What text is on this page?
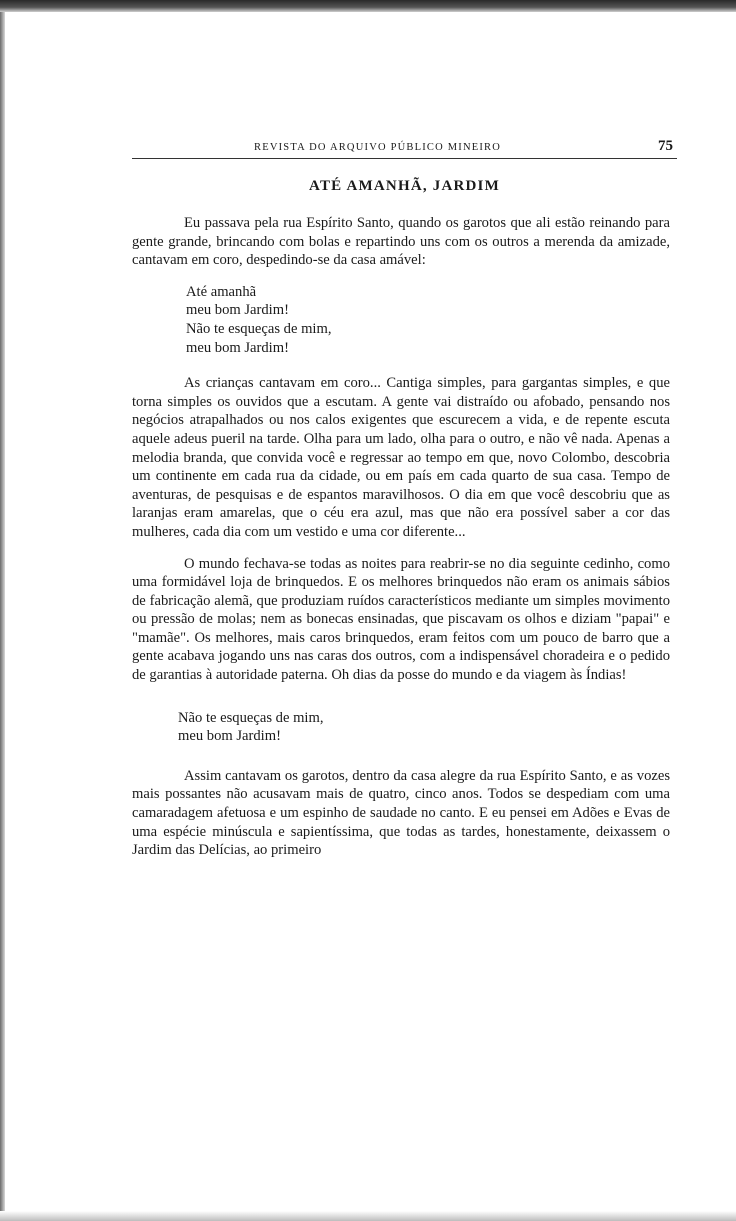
REVISTA DO ARQUIVO PÚBLICO MINEIRO	75
ATÉ AMANHÃ, JARDIM

Eu passava pela rua Espírito Santo, quando os garotos que ali estão reinando para gente grande, brincando com bolas e repartindo uns com os outros a merenda da amizade, cantavam em coro, despedindo-se da casa amável:

Até amanhã
meu bom Jardim!
Não te esqueças de mim,
meu bom Jardim!

As crianças cantavam em coro... Cantiga simples, para gargantas simples, e que torna simples os ouvidos que a escutam. A gente vai distraído ou afobado, pensando nos negócios atrapalhados ou nos calos exigentes que escurecem a vida, e de repente escuta aquele adeus pueril na tarde. Olha para um lado, olha para o outro, e não vê nada. Apenas a melodia branda, que convida você e regressar ao tempo em que, novo Colombo, descobria um continente em cada rua da cidade, ou em país em cada quarto de sua casa. Tempo de aventuras, de pesquisas e de espantos maravilhosos. O dia em que você descobriu que as laranjas eram amarelas, que o céu era azul, mas que não era possível saber a cor das mulheres, cada dia com um vestido e uma cor diferente...

O mundo fechava-se todas as noites para reabrir-se no dia seguinte cedinho, como uma formidável loja de brinquedos. E os melhores brinquedos não eram os animais sábios de fabricação alemã, que produziam ruídos característicos mediante um simples movimento ou pressão de molas; nem as bonecas ensinadas, que piscavam os olhos e diziam "papai" e "mamãe". Os melhores, mais caros brinquedos, eram feitos com um pouco de barro que a gente acabava jogando uns nas caras dos outros, com a indispensável choradeira e o pedido de garantias à autoridade paterna. Oh dias da posse do mundo e da viagem às Índias!

Não te esqueças de mim,
meu bom Jardim!

Assim cantavam os garotos, dentro da casa alegre da rua Espírito Santo, e as vozes mais possantes não acusavam mais de quatro, cinco anos. Todos se despediam com uma camaradagem afetuosa e um espinho de saudade no canto. E eu pensei em Adões e Evas de uma espécie minúscula e sapientíssima, que todas as tardes, honestamente, deixassem o Jardim das Delícias, ao primeiro
